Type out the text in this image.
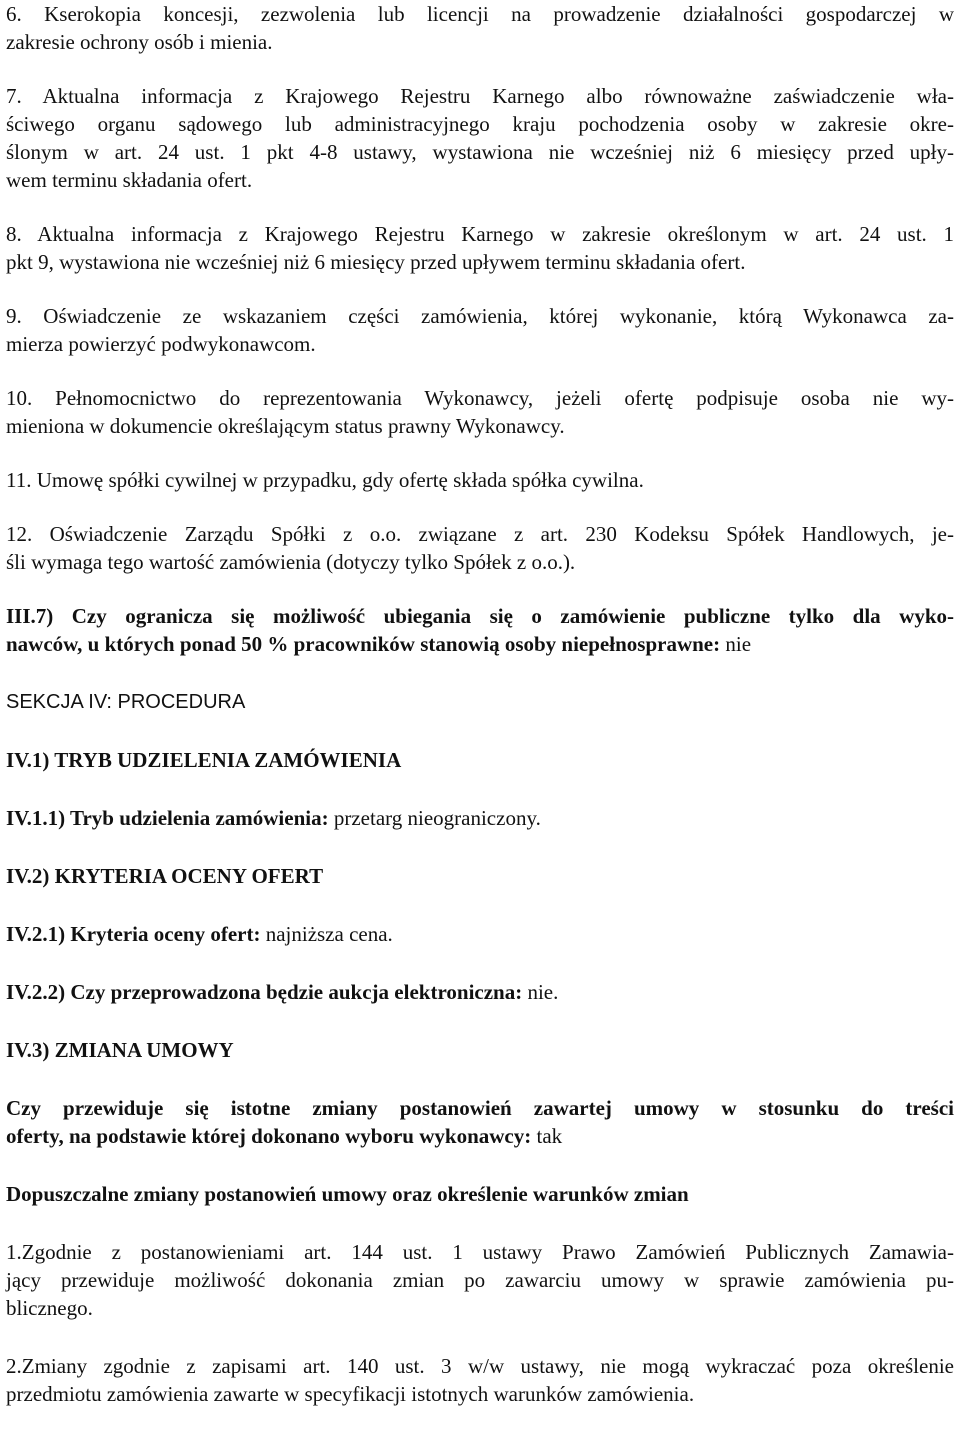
6. Kserokopia koncesji, zezwolenia lub licencji na prowadzenie działalności gospodarczej w
zakresie ochrony osób i mienia.
7. Aktualna informacja z Krajowego Rejestru Karnego albo równoważne zaświadczenie wła-
ściwego organu sądowego lub administracyjnego kraju pochodzenia osoby w zakresie okre-
ślonym w art. 24 ust. 1 pkt 4-8 ustawy, wystawiona nie wcześniej niż 6 miesięcy przed upły-
wem terminu składania ofert.
8. Aktualna informacja z Krajowego Rejestru Karnego w zakresie określonym w art. 24 ust. 1
pkt 9, wystawiona nie wcześniej niż 6 miesięcy przed upływem terminu składania ofert.
9. Oświadczenie ze wskazaniem części zamówienia, której wykonanie, którą Wykonawca za-
mierza powierzyć podwykonawcom.
10. Pełnomocnictwo do reprezentowania Wykonawcy, jeżeli ofertę podpisuje osoba nie wy-
mieniona w dokumencie określającym status prawny Wykonawcy.
11. Umowę spółki cywilnej w przypadku, gdy ofertę składa spółka cywilna.
12. Oświadczenie Zarządu Spółki z o.o. związane z art. 230 Kodeksu Spółek Handlowych, je-
śli wymaga tego wartość zamówienia (dotyczy tylko Spółek z o.o.).
III.7) Czy ogranicza się możliwość ubiegania się o zamówienie publiczne tylko dla wyko-
nawców, u których ponad 50 % pracowników stanowią osoby niepełnosprawne: nie
SEKCJA IV: PROCEDURA
IV.1) TRYB UDZIELENIA ZAMÓWIENIA
IV.1.1) Tryb udzielenia zamówienia: przetarg nieograniczony.
IV.2) KRYTERIA OCENY OFERT
IV.2.1) Kryteria oceny ofert: najniższa cena.
IV.2.2) Czy przeprowadzona będzie aukcja elektroniczna: nie.
IV.3) ZMIANA UMOWY
Czy przewiduje się istotne zmiany postanowień zawartej umowy w stosunku do treści
oferty, na podstawie której dokonano wyboru wykonawcy: tak
Dopuszczalne zmiany postanowień umowy oraz określenie warunków zmian
1.Zgodnie z postanowieniami art. 144 ust. 1 ustawy Prawo Zamówień Publicznych Zamawia-
jący przewiduje możliwość dokonania zmian po zawarciu umowy w sprawie zamówienia pu-
blicznego.
2.Zmiany zgodnie z zapisami art. 140 ust. 3 w/w ustawy, nie mogą wykraczać poza określenie
przedmiotu zamówienia zawarte w specyfikacji istotnych warunków zamówienia.
